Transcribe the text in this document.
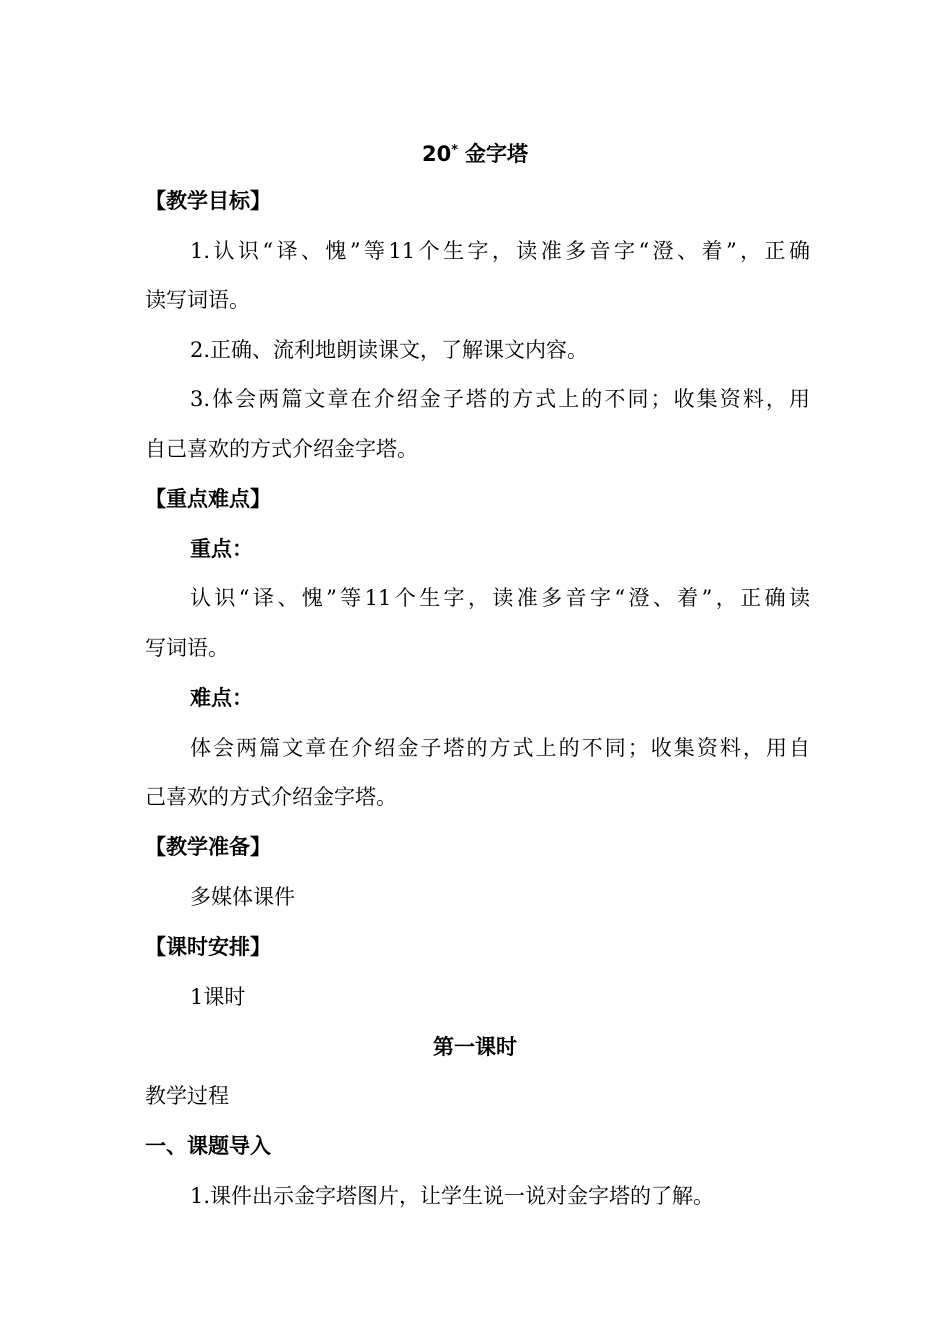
20* 金字塔
【教学目标】
1.认识“译、愧”等11个生字，读准多音字“澄、着”，正确
读写词语。
2.正确、流利地朗读课文，了解课文内容。
3.体会两篇文章在介绍金子塔的方式上的不同；收集资料，用
自己喜欢的方式介绍金字塔。
【重点难点】
重点：
认识“译、愧”等11个生字，读准多音字“澄、着”，正确读
写词语。
难点：
体会两篇文章在介绍金子塔的方式上的不同；收集资料，用自
己喜欢的方式介绍金字塔。
【教学准备】
多媒体课件
【课时安排】
1课时
第一课时
教学过程
一、课题导入
1.课件出示金字塔图片，让学生说一说对金字塔的了解。
